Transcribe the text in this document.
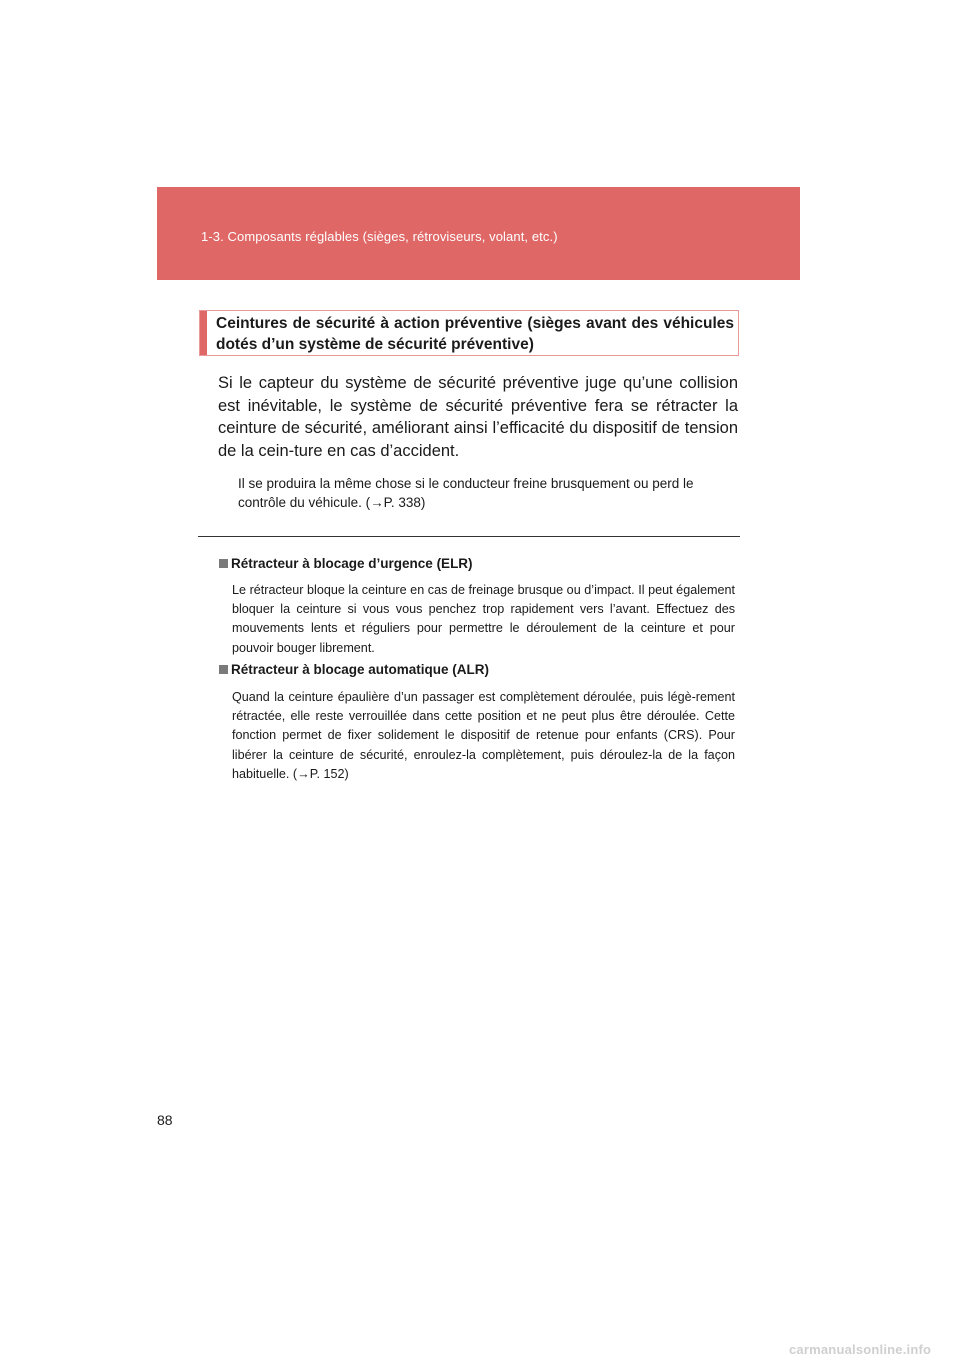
1-3. Composants réglables (sièges, rétroviseurs, volant, etc.)
Ceintures de sécurité à action préventive (sièges avant des véhicules dotés d’un système de sécurité préventive)

Si le capteur du système de sécurité préventive juge qu’une collision est inévitable, le système de sécurité préventive fera se rétracter la ceinture de sécurité, améliorant ainsi l’efficacité du dispositif de tension de la cein-ture en cas d’accident.

Il se produira la même chose si le conducteur freine brusquement ou perd le contrôle du véhicule. (→P. 338)

Rétracteur à blocage d’urgence (ELR)

Le rétracteur bloque la ceinture en cas de freinage brusque ou d’impact. Il peut également bloquer la ceinture si vous vous penchez trop rapidement vers l’avant. Effectuez des mouvements lents et réguliers pour permettre le déroulement de la ceinture et pour pouvoir bouger librement.

Rétracteur à blocage automatique (ALR)

Quand la ceinture épaulière d’un passager est complètement déroulée, puis légè-rement rétractée, elle reste verrouillée dans cette position et ne peut plus être déroulée. Cette fonction permet de fixer solidement le dispositif de retenue pour enfants (CRS). Pour libérer la ceinture de sécurité, enroulez-la complètement, puis déroulez-la de la façon habituelle. (→P. 152)

88
carmanualsonline.info
